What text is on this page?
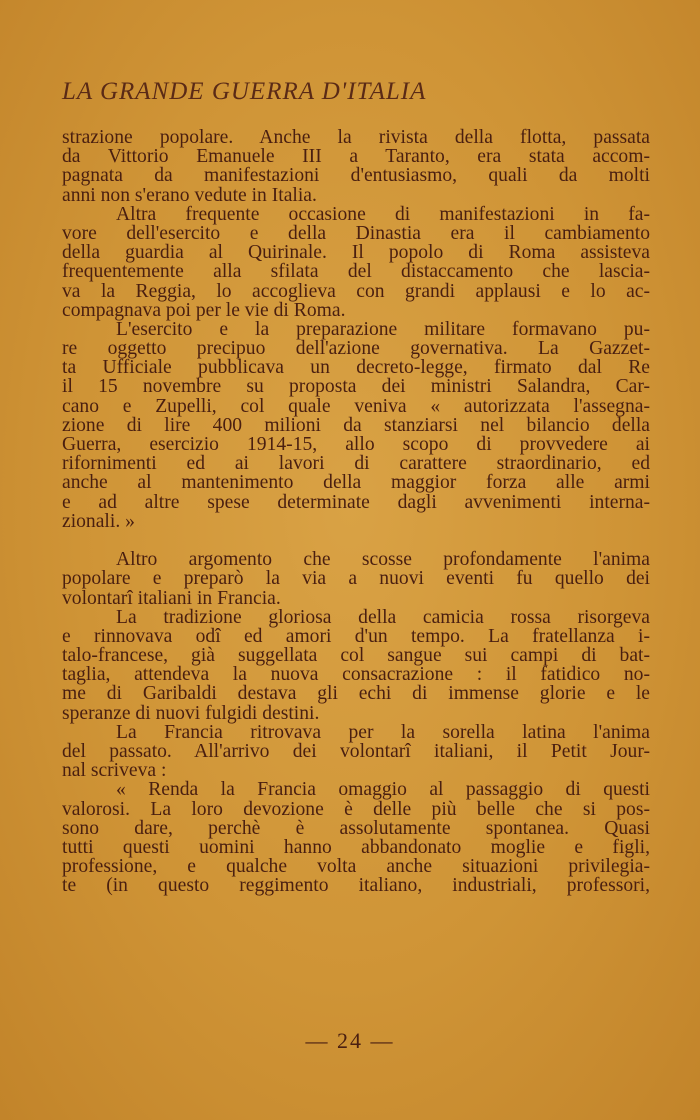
LA GRANDE GUERRA D'ITALIA
strazione popolare. Anche la rivista della flotta, passata
da Vittorio Emanuele III a Taranto, era stata accom-
pagnata da manifestazioni d'entusiasmo, quali da molti
anni non s'erano vedute in Italia.
Altra frequente occasione di manifestazioni in fa-
vore dell'esercito e della Dinastia era il cambiamento
della guardia al Quirinale. Il popolo di Roma assisteva
frequentemente alla sfilata del distaccamento che lascia-
va la Reggia, lo accoglieva con grandi applausi e lo ac-
compagnava poi per le vie di Roma.
L'esercito e la preparazione militare formavano pu-
re oggetto precipuo dell'azione governativa. La Gazzet-
ta Ufficiale pubblicava un decreto-legge, firmato dal Re
il 15 novembre su proposta dei ministri Salandra, Car-
cano e Zupelli, col quale veniva « autorizzata l'assegna-
zione di lire 400 milioni da stanziarsi nel bilancio della
Guerra, esercizio 1914-15, allo scopo di provvedere ai
rifornimenti ed ai lavori di carattere straordinario, ed
anche al mantenimento della maggior forza alle armi
e ad altre spese determinate dagli avvenimenti interna-
zionali. »
Altro argomento che scosse profondamente l'anima
popolare e preparò la via a nuovi eventi fu quello dei
volontarî italiani in Francia.
La tradizione gloriosa della camicia rossa risorgeva
e rinnovava odî ed amori d'un tempo. La fratellanza i-
talo-francese, già suggellata col sangue sui campi di bat-
taglia, attendeva la nuova consacrazione : il fatidico no-
me di Garibaldi destava gli echi di immense glorie e le
speranze di nuovi fulgidi destini.
La Francia ritrovava per la sorella latina l'anima
del passato. All'arrivo dei volontarî italiani, il Petit Jour-
nal scriveva :
« Renda la Francia omaggio al passaggio di questi
valorosi. La loro devozione è delle più belle che si pos-
sono dare, perchè è assolutamente spontanea. Quasi
tutti questi uomini hanno abbandonato moglie e figli,
professione, e qualche volta anche situazioni privilegia-
te (in questo reggimento italiano, industriali, professori,
— 24 —
